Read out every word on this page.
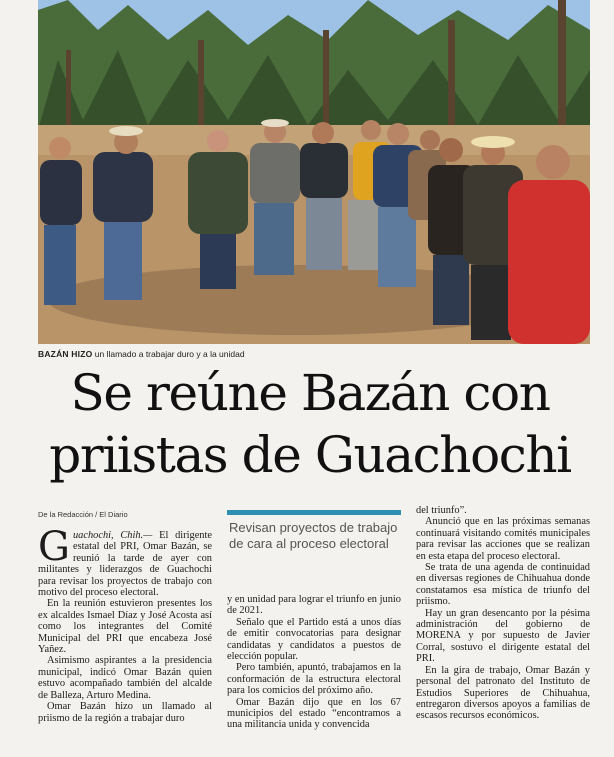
BAZÁN HIZO un llamado a trabajar duro y a la unidad
Se reúne Bazán con priistas de Guachochi
De la Redacción / El Diario

Guachochi, Chih.— El dirigente estatal del PRI, Omar Bazán, se reunió la tarde de ayer con militantes y liderazgos de Guachochi para revisar los proyectos de trabajo con motivo del proceso electoral.

En la reunión estuvieron presentes los ex alcaldes Ismael Díaz y José Acosta así como los integrantes del Comité Municipal del PRI que encabeza José Yañez.

Asimismo aspirantes a la presidencia municipal, indicó Omar Bazán quien estuvo acompañado también del alcalde de Balleza, Arturo Medina.

Omar Bazán hizo un llamado al priismo de la región a trabajar duro

Revisan proyectos de trabajo de cara al proceso electoral

y en unidad para lograr el triunfo en junio de 2021.

Señalo que el Partido está a unos días de emitir convocatorias para designar candidatas y candidatos a puestos de elección popular.

Pero también, apuntó, trabajamos en la conformación de la estructura electoral para los comicios del próximo año.

Omar Bazán dijo que en los 67 municipios del estado “encontramos a una militancia unida y convencida

del triunfo”.

Anunció que en las próximas semanas continuará visitando comités municipales para revisar las acciones que se realizan en esta etapa del proceso electoral.

Se trata de una agenda de continuidad en diversas regiones de Chihuahua donde constatamos esa mística de triunfo del priismo.

Hay un gran desencanto por la pésima administración del gobierno de MORENA y por supuesto de Javier Corral, sostuvo el dirigente estatal del PRI.

En la gira de trabajo, Omar Bazán y personal del patronato del Instituto de Estudios Superiores de Chihuahua, entregaron diversos apoyos a familias de escasos recursos económicos.
